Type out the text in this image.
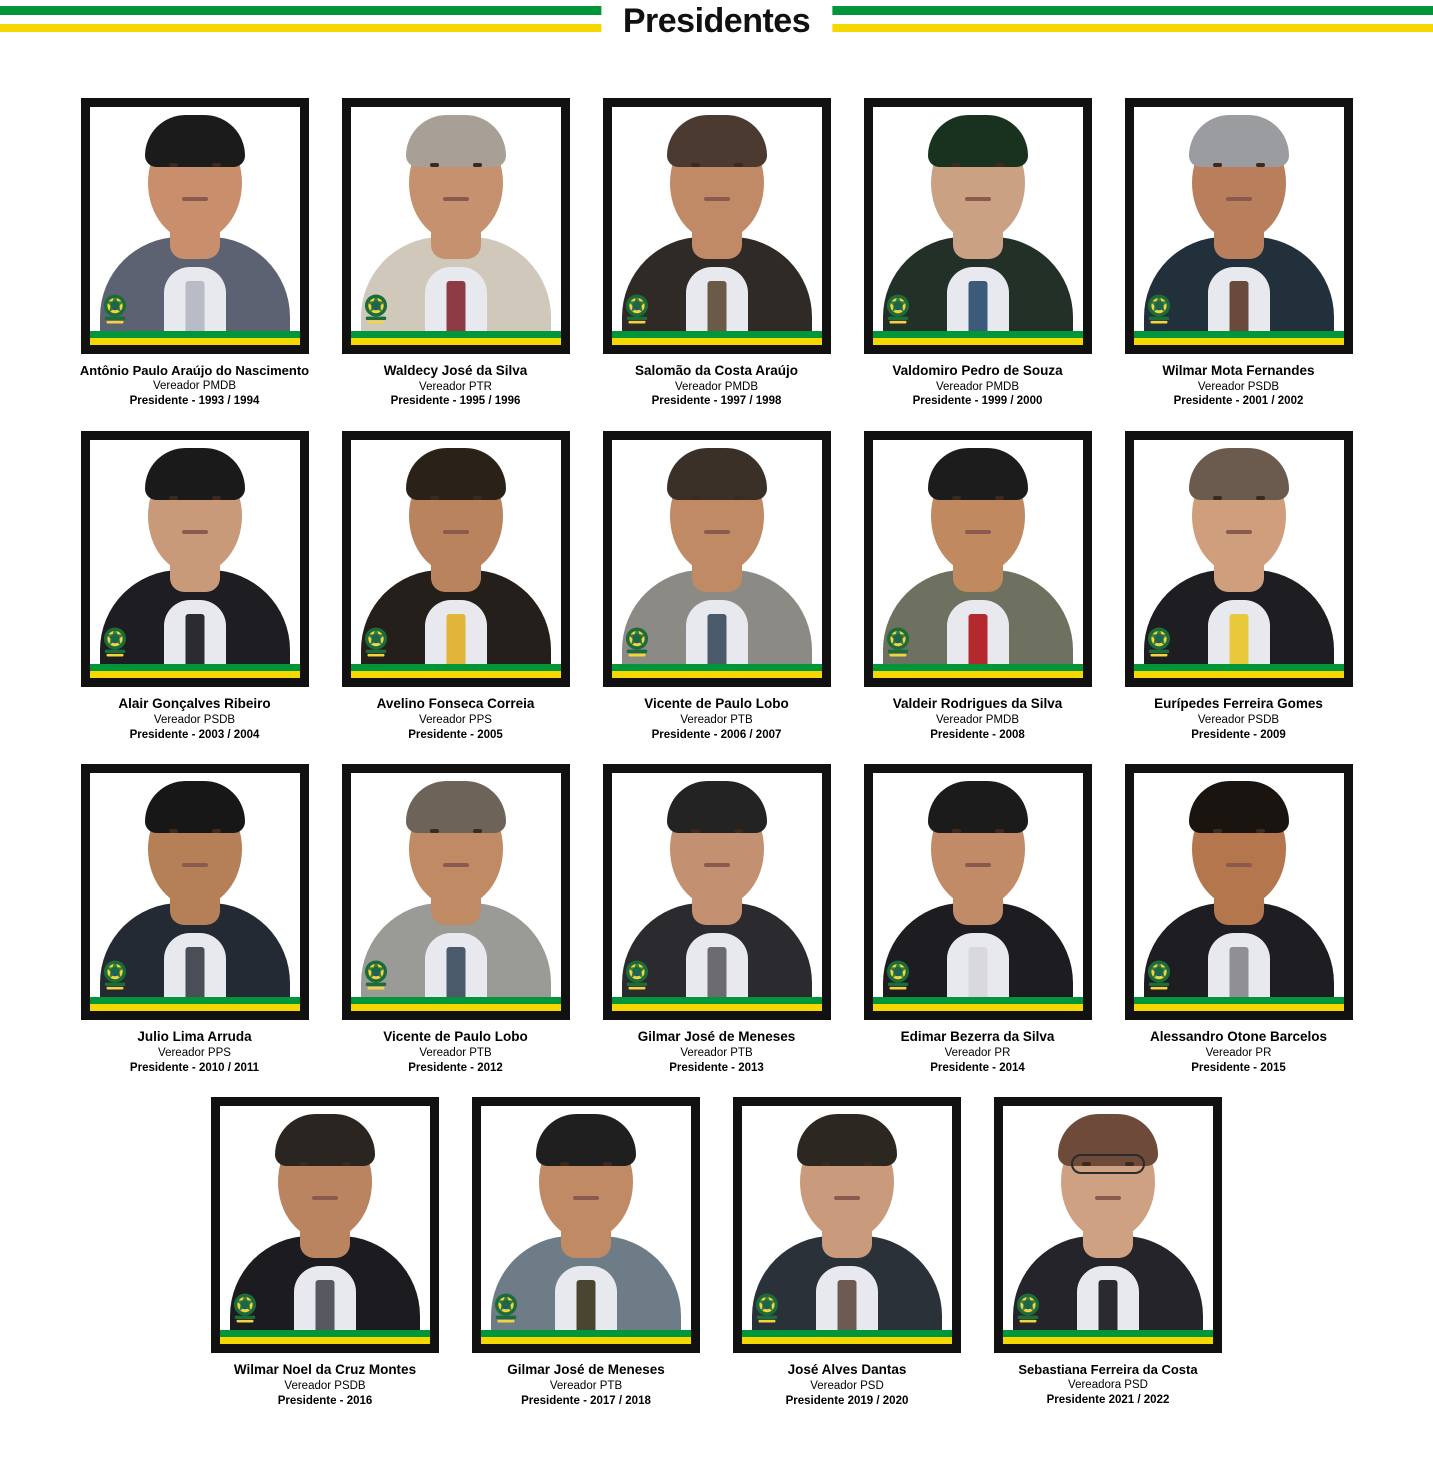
Presidentes
Antônio Paulo Araújo do Nascimento
Vereador PMDB
Presidente - 1993 / 1994
Waldecy José da Silva
Vereador PTR
Presidente - 1995 / 1996
Salomão da Costa Araújo
Vereador PMDB
Presidente - 1997 / 1998
Valdomiro Pedro de Souza
Vereador PMDB
Presidente - 1999 / 2000
Wilmar Mota Fernandes
Vereador PSDB
Presidente - 2001 / 2002
Alair Gonçalves Ribeiro
Vereador PSDB
Presidente - 2003 / 2004
Avelino Fonseca Correia
Vereador PPS
Presidente - 2005
Vicente de Paulo Lobo
Vereador PTB
Presidente - 2006 / 2007
Valdeir Rodrigues da Silva
Vereador PMDB
Presidente - 2008
Eurípedes Ferreira Gomes
Vereador PSDB
Presidente - 2009
Julio Lima Arruda
Vereador PPS
Presidente - 2010 / 2011
Vicente de Paulo Lobo
Vereador PTB
Presidente - 2012
Gilmar José de Meneses
Vereador PTB
Presidente - 2013
Edimar Bezerra da Silva
Vereador PR
Presidente - 2014
Alessandro Otone Barcelos
Vereador PR
Presidente - 2015
Wilmar Noel da Cruz Montes
Vereador PSDB
Presidente - 2016
Gilmar José de Meneses
Vereador PTB
Presidente - 2017 / 2018
José Alves Dantas
Vereador PSD
Presidente 2019 / 2020
Sebastiana Ferreira da Costa
Vereadora PSD
Presidente 2021 / 2022
